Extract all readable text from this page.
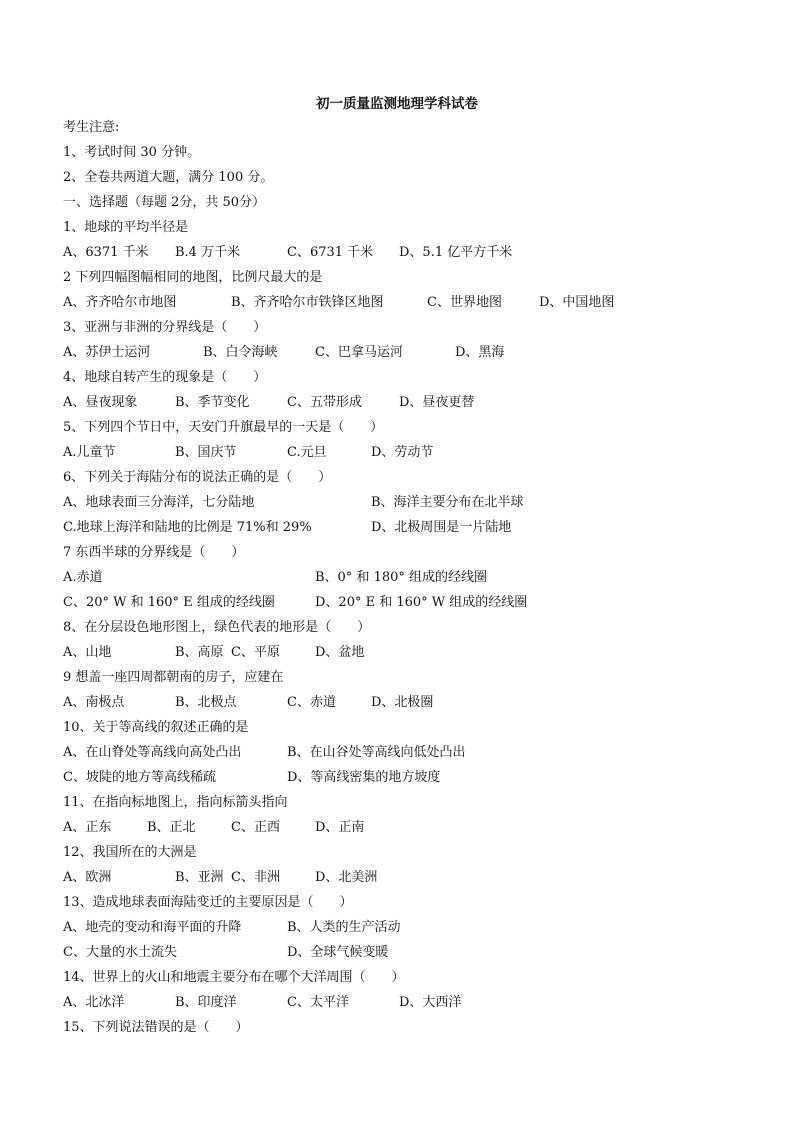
初一质量监测地理学科试卷
考生注意:
1、考试时间 30 分钟。
2、全卷共两道大题，满分 100 分。
一、选择题（每题 2分，共 50分）
1、地球的平均半径是
A、6371 千米 B.4 万千米	C、6731 千米 D、5.1 亿平方千米
2 下列四幅图幅相同的地图，比例尺最大的是
A、齐齐哈尔市地图	B、齐齐哈尔市铁锋区地图	C、世界地图	D、中国地图
3、亚洲与非洲的分界线是（　　）
A、苏伊士运河	B、白令海峡	C、巴拿马运河	D、黑海
4、地球自转产生的现象是（　　）
A、昼夜现象	B、季节变化	C、五带形成	D、昼夜更替
5、下列四个节日中，天安门升旗最早的一天是（　　）
A.儿童节	B、国庆节	C.元旦	D、劳动节
6、下列关于海陆分布的说法正确的是（　　）
A、地球表面三分海洋，七分陆地	B、海洋主要分布在北半球
C.地球上海洋和陆地的比例是 71%和 29%	D、北极周围是一片陆地
7 东西半球的分界线是（　　）
A.赤道	B、0° 和 180° 组成的经线圈
C、20° W 和 160° E 组成的经线圈	D、20° E 和 160° W 组成的经线圈
8、在分层设色地形图上，绿色代表的地形是（　　）
A、山地	B、高原 C、平原	D、盆地
9 想盖一座四周都朝南的房子，应建在
A、南极点	B、北极点	C、赤道	D、北极圈
10、关于等高线的叙述正确的是
A、在山脊处等高线向高处凸出	B、在山谷处等高线向低处凸出
C、坡陡的地方等高线稀疏	D、等高线密集的地方坡度
11、在指向标地图上，指向标箭头指向
A、正东	B、正北	C、正西	D、正南
12、我国所在的大洲是
A、欧洲	B、亚洲 C、非洲	D、北美洲
13、造成地球表面海陆变迁的主要原因是（　　）
A、地壳的变动和海平面的升降	B、人类的生产活动
C、大量的水土流失	D、全球气候变暖
14、世界上的火山和地震主要分布在哪个大洋周围（　　）
A、北冰洋	B、印度洋	C、太平洋	D、大西洋
15、下列说法错误的是（　　）
